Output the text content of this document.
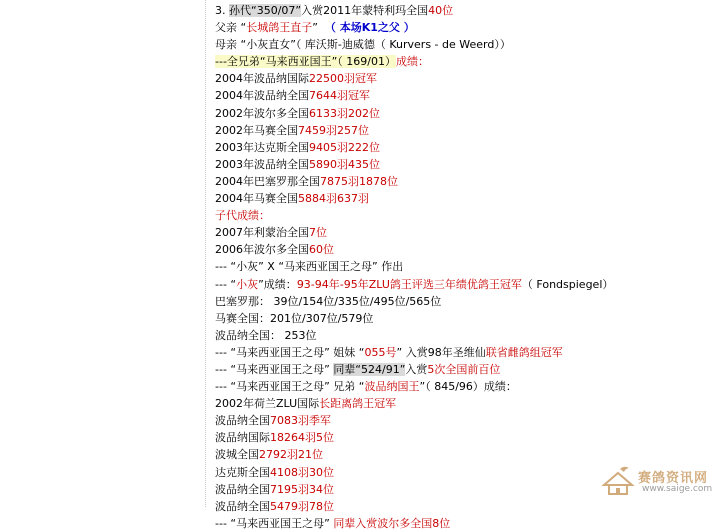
3. 孙代“350/07”入赏2011年蒙特利玛全国40位
父亲 “长城鸽王直子”  （ 本场K1之父 ）
母亲 “小灰直女”（ 库沃斯-迪威德（ Kurvers - de Weerd））
---全兄弟“马来西亚国王”（ 169/01）成绩：
2004年波品纳国际22500羽冠军
2004年波品纳全国7644羽冠军
2002年波尔多全国6133羽202位
2002年马赛全国7459羽257位
2003年达克斯全国9405羽222位
2003年波品纳全国5890羽435位
2004年巴塞罗那全国7875羽1878位
2004年马赛全国5884羽637羽
子代成绩：
2007年利蒙治全国7位
2006年波尔多全国60位
--- “小灰” X “马来西亚国王之母” 作出
--- “小灰”成绩：93-94年-95年ZLU鸽王评选三年绩优鸽王冠军（ Fondspiegel）
巴塞罗那： 39位/154位/335位/495位/565位
马赛全国：201位/307位/579位
波品纳全国： 253位
--- “马来西亚国王之母” 姐妹 “055号” 入赏98年圣维仙联省雌鸽组冠军
--- “马来西亚国王之母” 同辈“524/91”入赏5次全国前百位
--- “马来西亚国王之母” 兄弟 “波品纳国王”（ 845/96）成绩：
2002年荷兰ZLU国际长距离鸽王冠军
波品纳全国7083羽季军
波品纳国际18264羽5位
波城全国2792羽21位
达克斯全国4108羽30位
波品纳全国7195羽34位
波品纳全国5479羽78位
--- “马来西亚国王之母” 同辈入赏波尔多全国8位
赛鸽资讯网
www.saige.com
